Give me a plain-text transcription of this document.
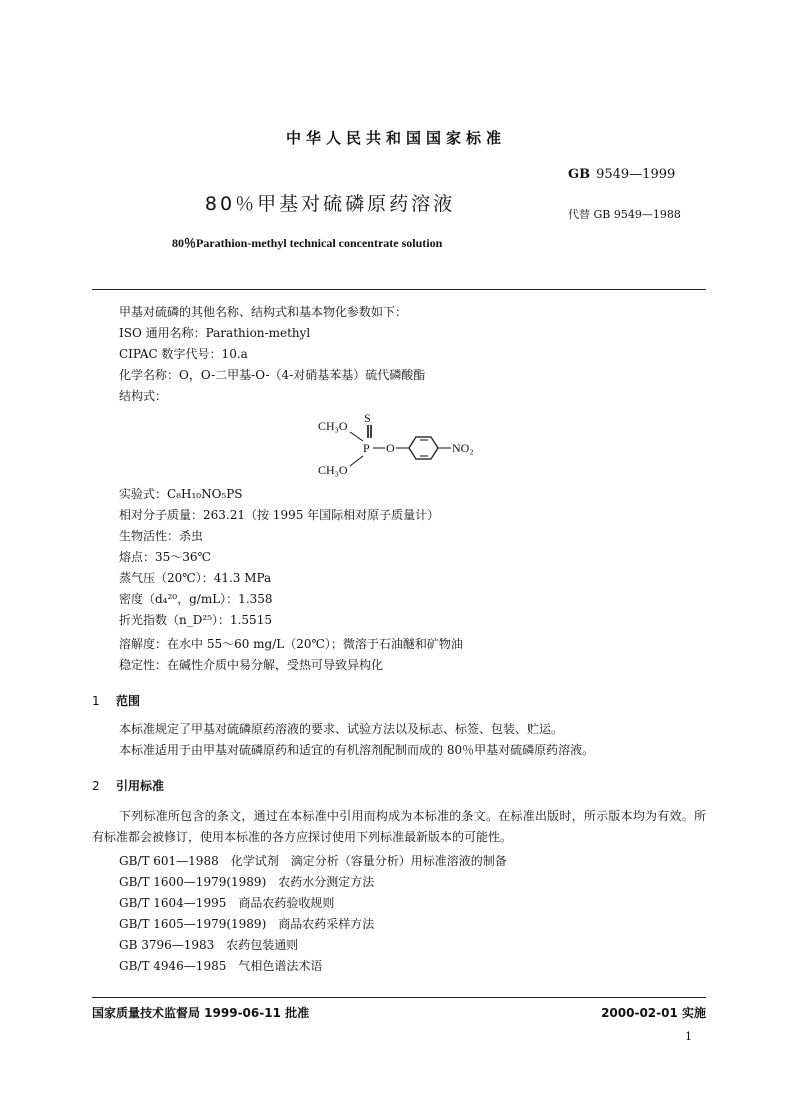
中华人民共和国国家标准
GB 9549—1999
80％甲基对硫磷原药溶液	代替 GB 9549—1988
80％Parathion-methyl technical concentrate solution
甲基对硫磷的其他名称、结构式和基本物化参数如下：
ISO 通用名称：Parathion-methyl
CIPAC 数字代号：10.a
化学名称：O，O-二甲基-O-（4-对硝基苯基）硫代磷酸酯
结构式：
S
CH₃O
P O	NO₂
CH₃O
实验式：C₈H₁₀NO₅PS
相对分子质量：263.21（按 1995 年国际相对原子质量计）
生物活性：杀虫
熔点：35～36℃
蒸气压（20℃）：41.3 MPa
密度（d₄²⁰，g/mL）：1.358
折光指数（n_D²⁵）：1.5515
溶解度：在水中 55～60 mg/L（20℃）；微溶于石油醚和矿物油
稳定性：在碱性介质中易分解，受热可导致异构化
1 范围
本标准规定了甲基对硫磷原药溶液的要求、试验方法以及标志、标签、包装、贮运。
本标准适用于由甲基对硫磷原药和适宜的有机溶剂配制而成的 80％甲基对硫磷原药溶液。
2 引用标准
下列标准所包含的条文，通过在本标准中引用而构成为本标准的条文。在标准出版时，所示版本均为有效。所有标准都会被修订，使用本标准的各方应探讨使用下列标准最新版本的可能性。
GB/T 601—1988　化学试剂　滴定分析（容量分析）用标准溶液的制备
GB/T 1600—1979(1989)　农药水分测定方法
GB/T 1604—1995　商品农药验收规则
GB/T 1605—1979(1989)　商品农药采样方法
GB 3796—1983　农药包装通则
GB/T 4946—1985　气相色谱法术语
国家质量技术监督局 1999-06-11 批准	2000-02-01 实施
1
